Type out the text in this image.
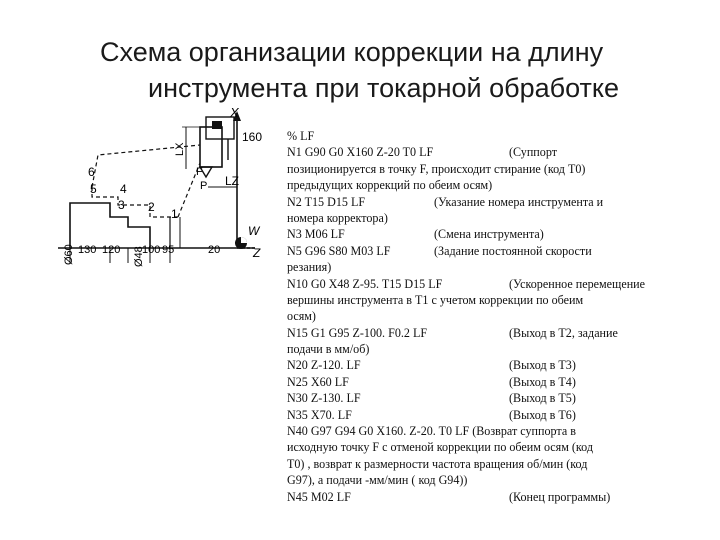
Схема организации коррекции на длину
инструмента при токарной обработке
X
160
LX
F
P LZ
W
Z
6
5 4
3 2 1
Ø60 130 120 Ø48
100 95	20
% LF
N1 G90 G0 X160 Z-20 T0 LF	(Суппорт
позиционируется в точку F, происходит стирание (код T0)
предыдущих коррекций по обеим осям)
N2 T15 D15 LF	(Указание номера инструмента и
номера корректора)
N3 M06 LF	(Смена инструмента)
N5 G96 S80 M03 LF	(Задание постоянной скорости
резания)
N10 G0 X48 Z-95. T15 D15 LF	(Ускоренное перемещение
вершины инструмента в T1 с учетом коррекции по обеим
осям)
N15 G1 G95 Z-100. F0.2 LF	(Выход в T2, задание
подачи в мм/об)
N20 Z-120. LF	(Выход в T3)
N25 X60 LF	(Выход в T4)
N30 Z-130. LF	(Выход в T5)
N35 X70. LF	(Выход в T6)
N40 G97 G94 G0 X160. Z-20. T0 LF (Возврат суппорта в
исходную точку F с отменой коррекции по обеим осям (код
T0) , возврат к размерности частота вращения об/мин (код
G97), а подачи -мм/мин ( код G94))
N45 M02 LF	(Конец программы)
